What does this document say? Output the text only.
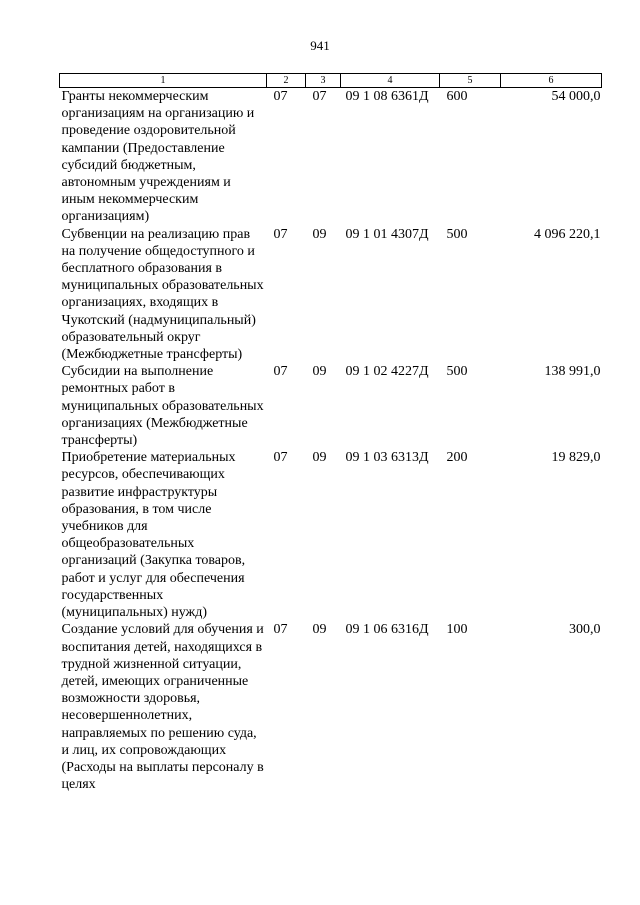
941
1	2	3	4	5	6
Гранты некоммерческим организациям на организацию и проведение оздоровительной кампании (Предоставление субсидий бюджетным, автономным учреждениям и иным некоммерческим организациям)	07	07	09 1 08 6361Д	600	54 000,0
Субвенции на реализацию прав на получение общедоступного и бесплатного образования в муниципальных образовательных организациях, входящих в Чукотский (надмуниципальный) образовательный округ (Межбюджетные трансферты)	07	09	09 1 01 4307Д	500	4 096 220,1
Субсидии на выполнение ремонтных работ в муниципальных образовательных организациях (Межбюджетные трансферты)	07	09	09 1 02 4227Д	500	138 991,0
Приобретение материальных ресурсов, обеспечивающих развитие инфраструктуры образования, в том числе учебников для общеобразовательных организаций (Закупка товаров, работ и услуг для обеспечения государственных (муниципальных) нужд)	07	09	09 1 03 6313Д	200	19 829,0
Создание условий для обучения и воспитания детей, находящихся в трудной жизненной ситуации, детей, имеющих ограниченные возможности здоровья, несовершеннолетних, направляемых по решению суда, и лиц, их сопровождающих (Расходы на выплаты персоналу в целях	07	09	09 1 06 6316Д	100	300,0
